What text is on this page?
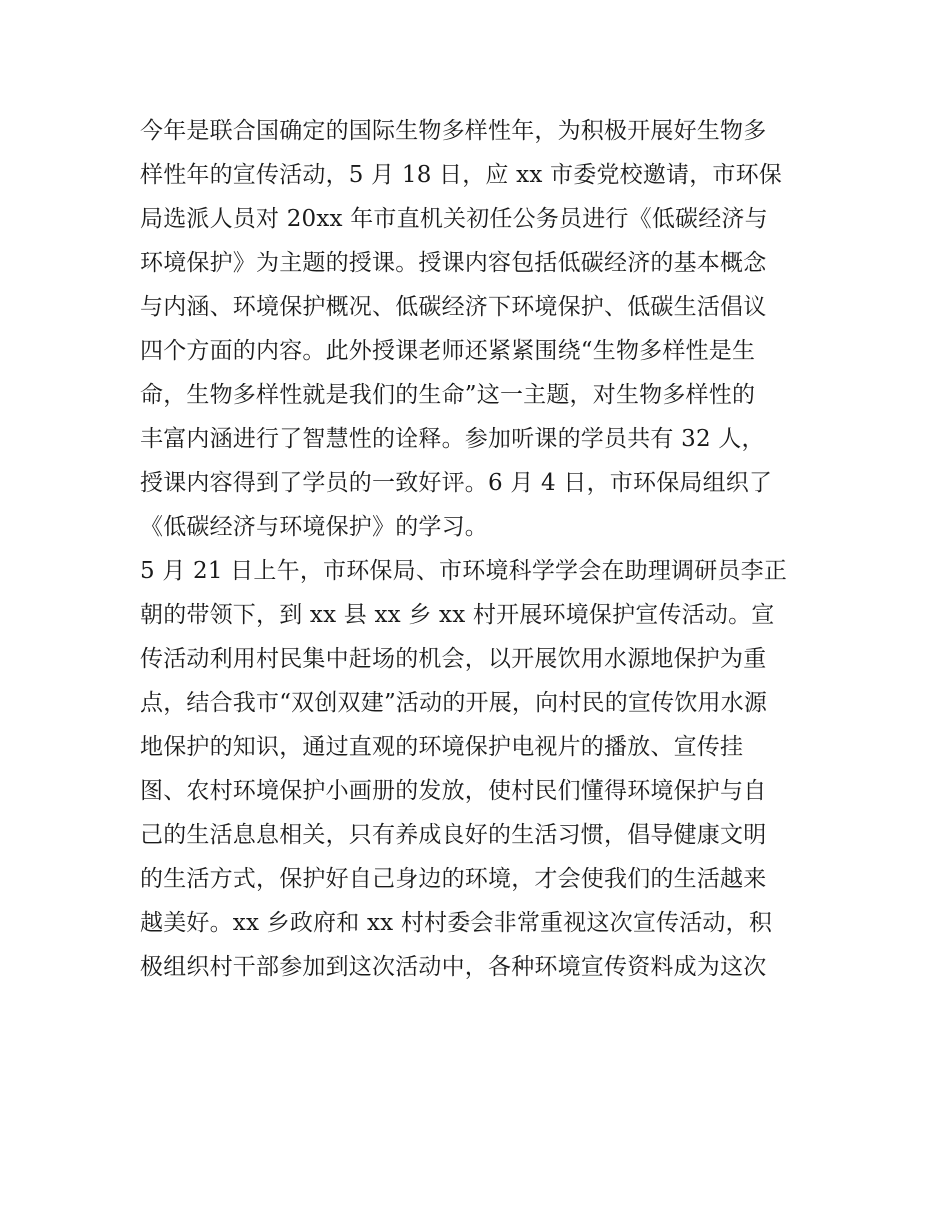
今年是联合国确定的国际生物多样性年，为积极开展好生物多
样性年的宣传活动，5 月 18 日，应 xx 市委党校邀请，市环保
局选派人员对 20xx 年市直机关初任公务员进行《低碳经济与
环境保护》为主题的授课。授课内容包括低碳经济的基本概念
与内涵、环境保护概况、低碳经济下环境保护、低碳生活倡议
四个方面的内容。此外授课老师还紧紧围绕“生物多样性是生
命，生物多样性就是我们的生命”这一主题，对生物多样性的
丰富内涵进行了智慧性的诠释。参加听课的学员共有 32 人，
授课内容得到了学员的一致好评。6 月 4 日，市环保局组织了
《低碳经济与环境保护》的学习。
5 月 21 日上午，市环保局、市环境科学学会在助理调研员李正
朝的带领下，到 xx 县 xx 乡 xx 村开展环境保护宣传活动。宣
传活动利用村民集中赶场的机会，以开展饮用水源地保护为重
点，结合我市“双创双建”活动的开展，向村民的宣传饮用水源
地保护的知识，通过直观的环境保护电视片的播放、宣传挂
图、农村环境保护小画册的发放，使村民们懂得环境保护与自
己的生活息息相关，只有养成良好的生活习惯，倡导健康文明
的生活方式，保护好自己身边的环境，才会使我们的生活越来
越美好。xx 乡政府和 xx 村村委会非常重视这次宣传活动，积
极组织村干部参加到这次活动中，各种环境宣传资料成为这次
